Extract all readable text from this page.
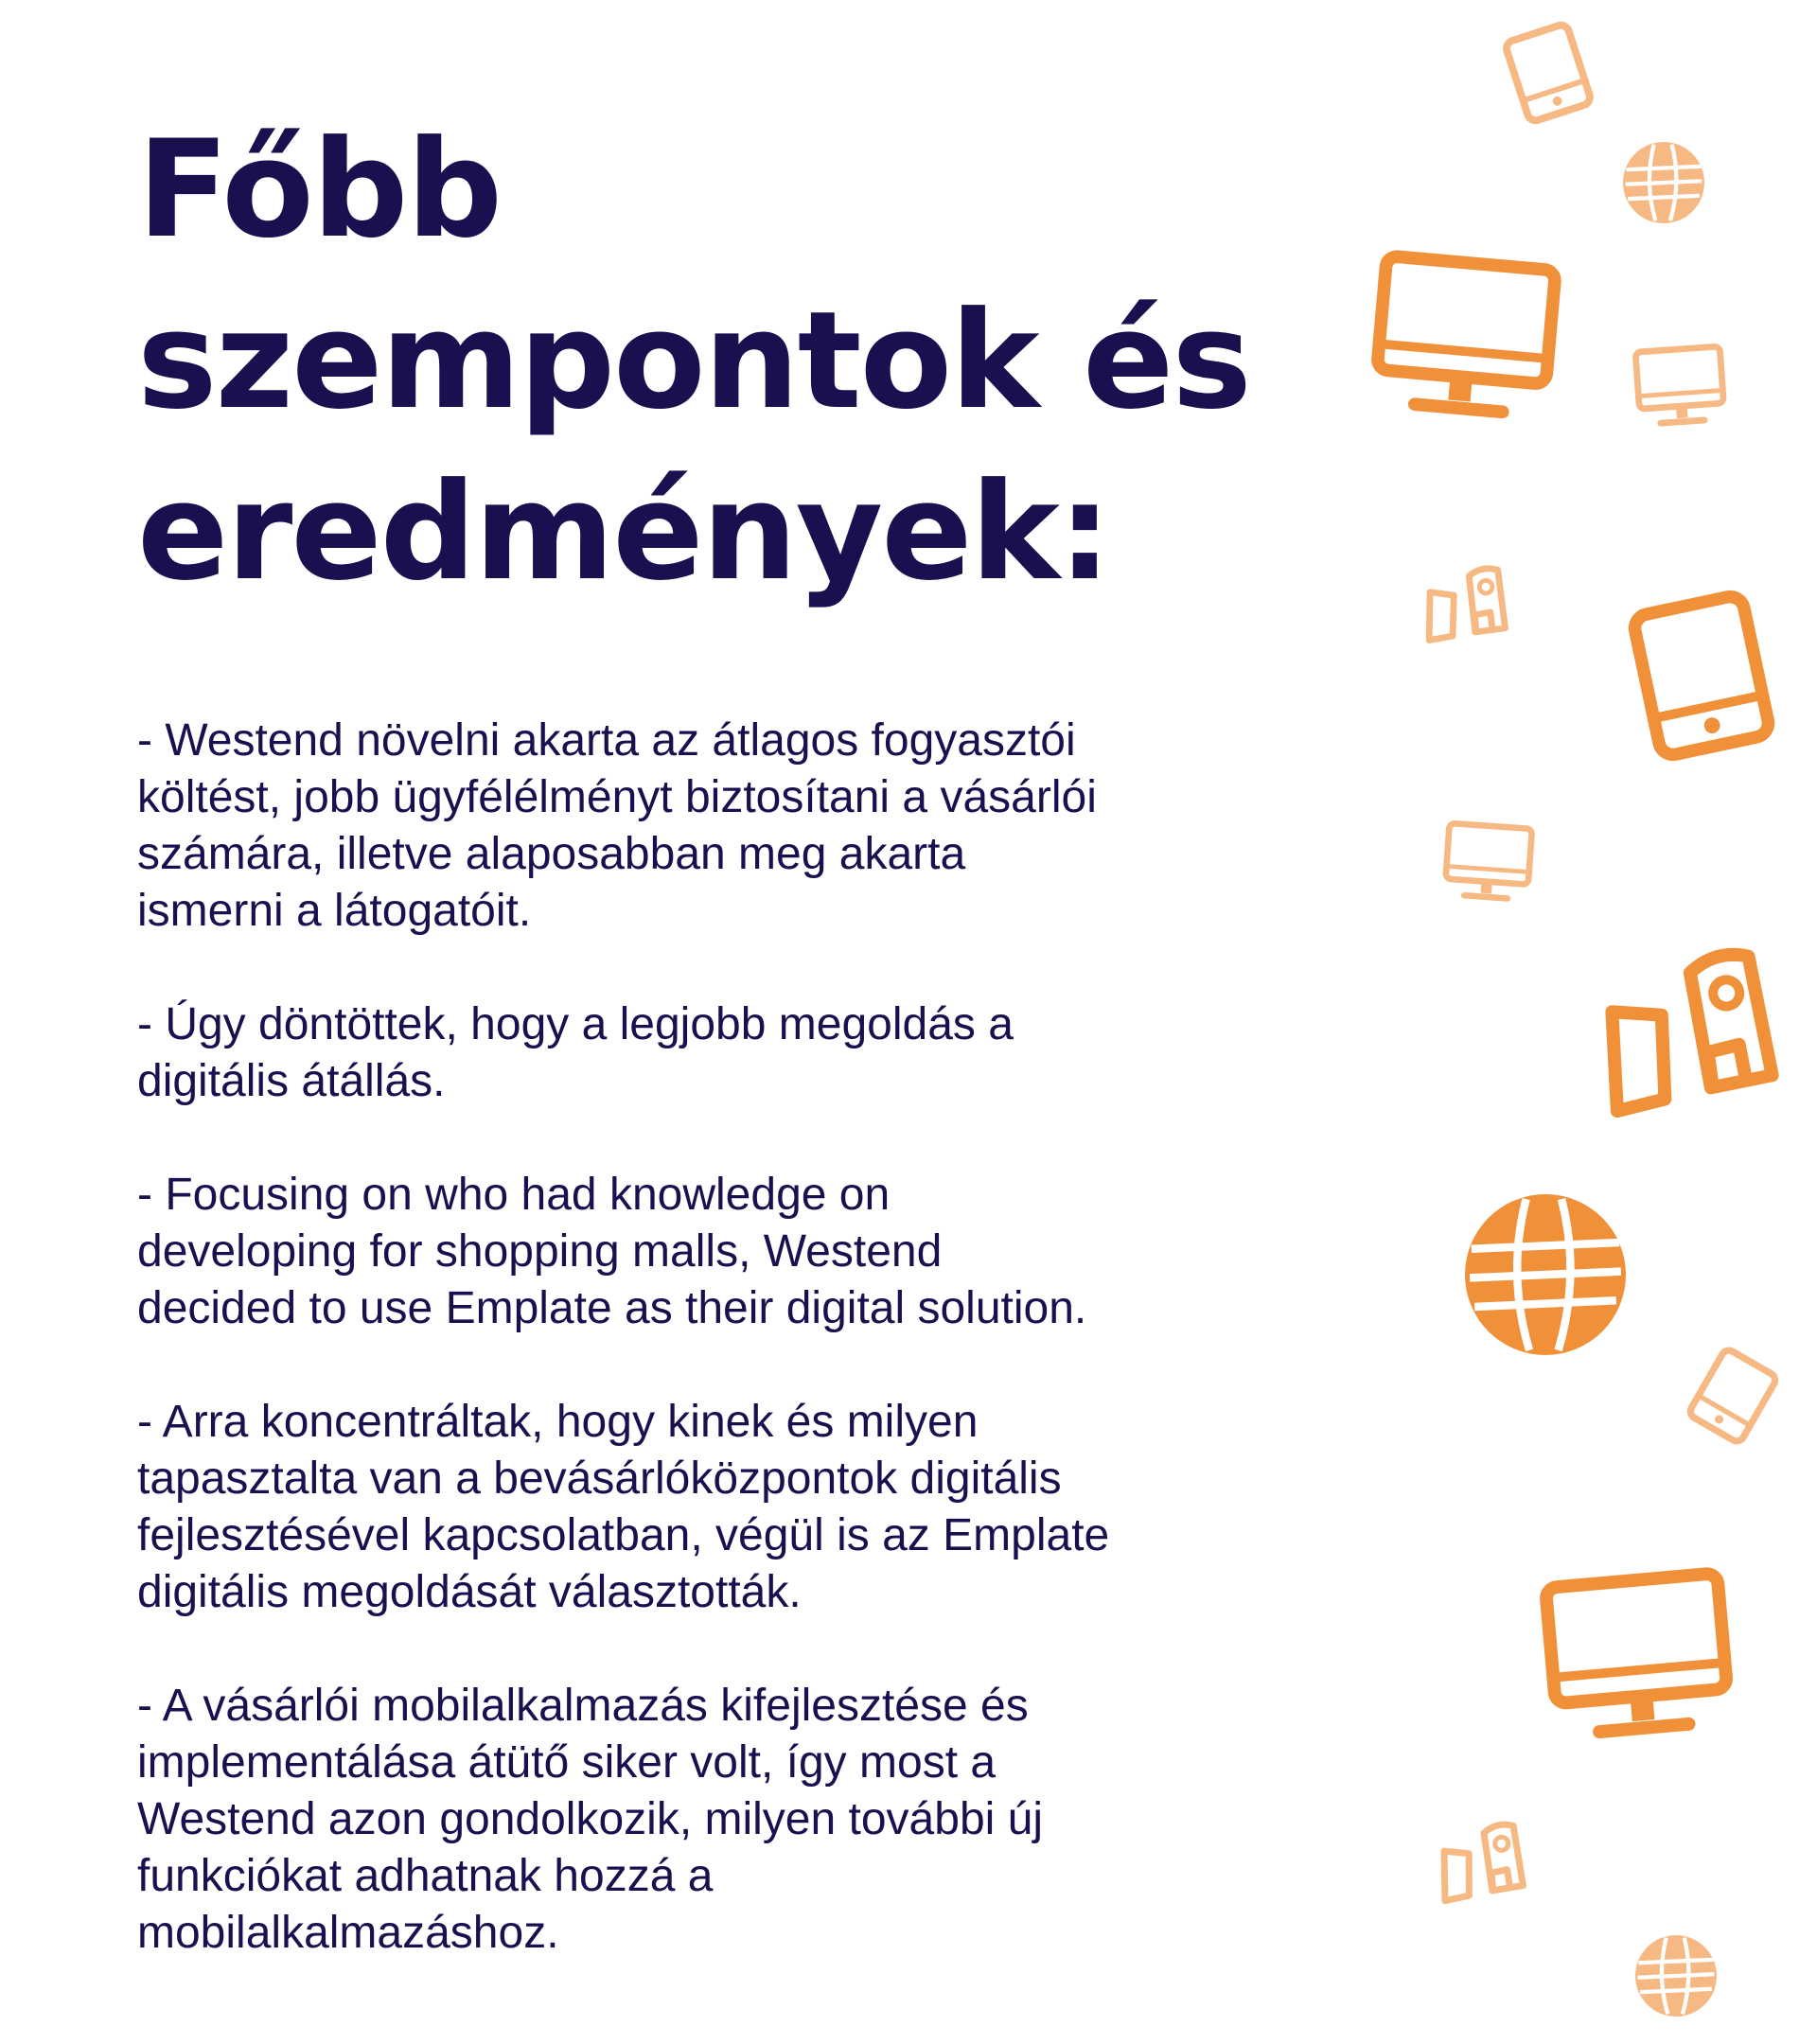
Főbb
szempontok és
eredmények:

- Westend növelni akarta az átlagos fogyasztói
költést, jobb ügyfélélményt biztosítani a vásárlói
számára, illetve alaposabban meg akarta
ismerni a látogatóit.

- Úgy döntöttek, hogy a legjobb megoldás a
digitális átállás.

- Focusing on who had knowledge on
developing for shopping malls, Westend
decided to use Emplate as their digital solution.

- Arra koncentráltak, hogy kinek és milyen
tapasztalta van a bevásárlóközpontok digitális
fejlesztésével kapcsolatban, végül is az Emplate
digitális megoldását választották.

- A vásárlói mobilalkalmazás kifejlesztése és
implementálása átütő siker volt, így most a
Westend azon gondolkozik, milyen további új
funkciókat adhatnak hozzá a
mobilalkalmazáshoz.
